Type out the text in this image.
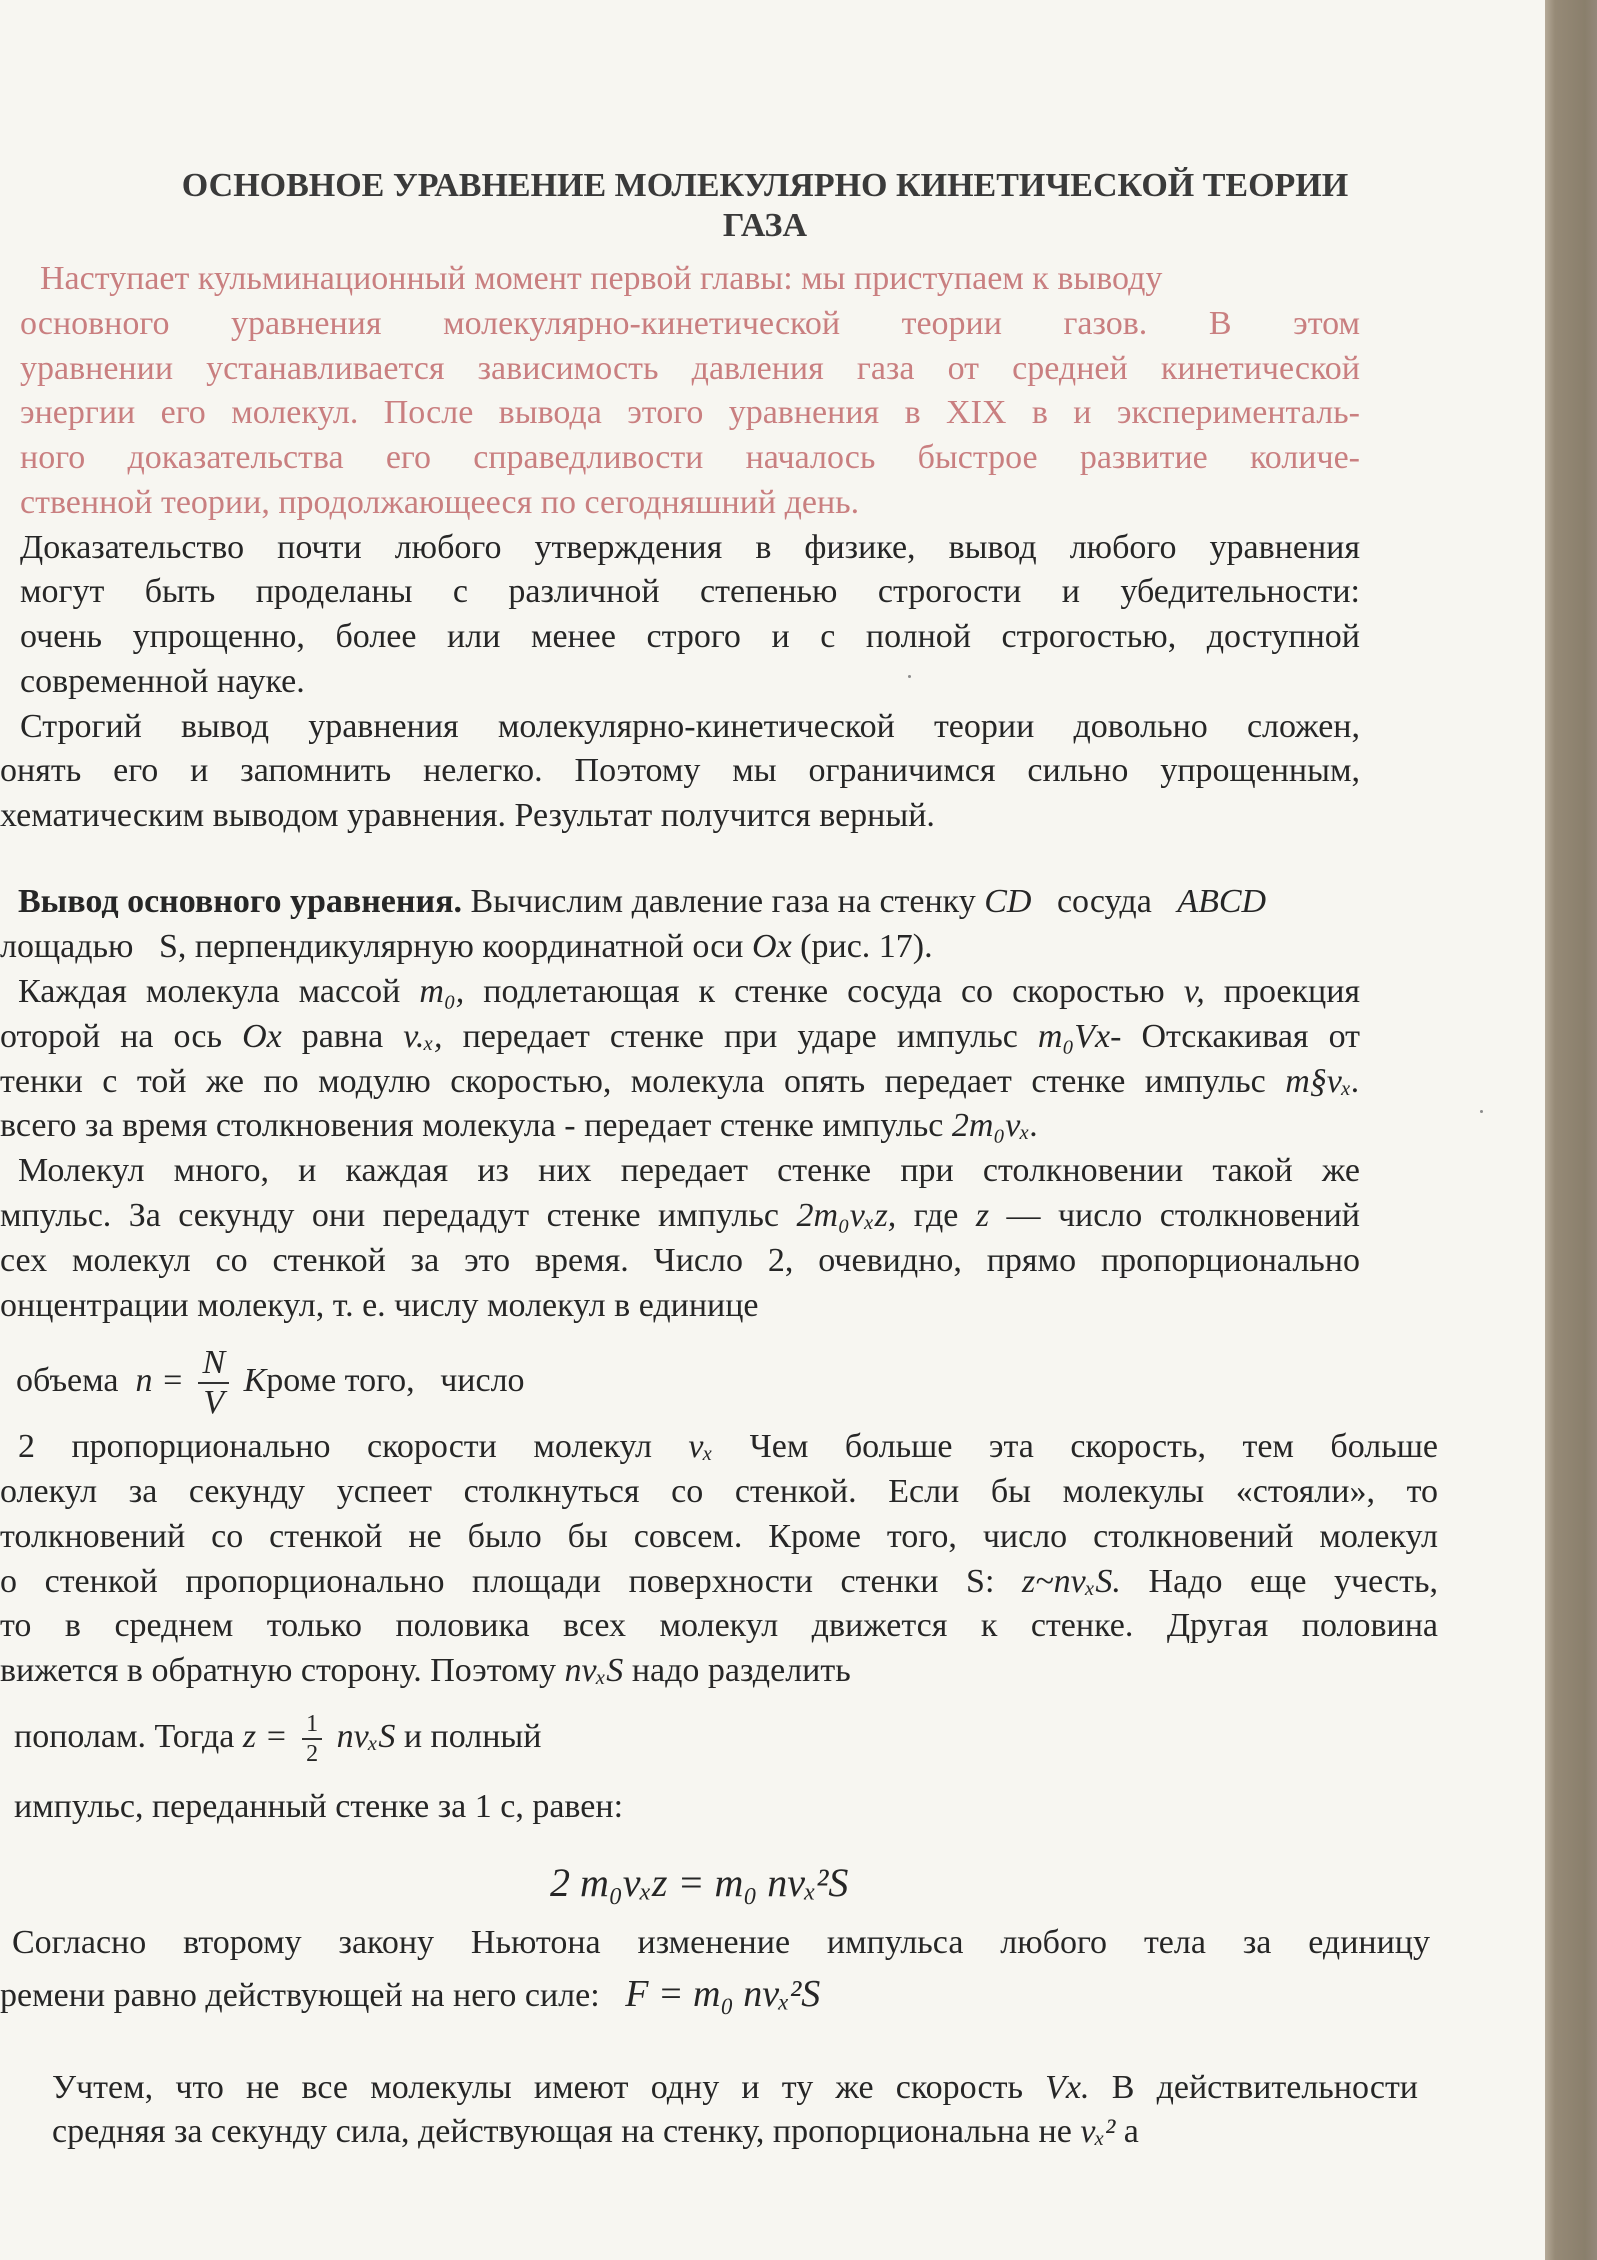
ОСНОВНОЕ УРАВНЕНИЕ МОЛЕКУЛЯРНО КИНЕТИЧЕСКОЙ ТЕОРИИ
ГАЗА

Наступает кульминационный момент первой главы: мы приступаем к выводу

основного уравнения молекулярно-кинетической теории газов. В этом

уравнении устанавливается зависимость давления газа от средней кинетической

энергии его молекул. После вывода этого уравнения в XIX в и эксперименталь-

ного доказательства его справедливости началось быстрое развитие количе-

ственной теории, продолжающееся по сегодняшний день.

Доказательство почти любого утверждения в физике, вывод любого уравнения

могут быть проделаны с различной степенью строгости и убедительности:

очень упрощенно, более или менее строго и с полной строгостью, доступной

современной науке.

Строгий вывод уравнения молекулярно-кинетической теории довольно сложен,

онять его и запомнить нелегко. Поэтому мы ограничимся сильно упрощенным,

хематическим выводом уравнения. Результат получится верный.

Вывод основного уравнения. Вычислим давление газа на стенку CD сосуда ABCD

лощадью S, перпендикулярную координатной оси Ox (рис. 17).

Каждая молекула массой m₀, подлетающая к стенке сосуда со скоростью v, проекция

оторой на ось Ox равна v.ₓ, передает стенке при ударе импульс m₀Vx- Отскакивая от

тенки с той же по модулю скоростью, молекула опять передает стенке импульс m§vₓ.

всего за время столкновения молекула - передает стенке импульс 2m₀vₓ.

Молекул много, и каждая из них передает стенке при столкновении такой же

мпульс. За секунду они передадут стенке импульс 2m₀vₓz, где z — число столкновений

сех молекул со стенкой за это время. Число 2, очевидно, прямо пропорционально

онцентрации молекул, т. е. числу молекул в единице

объема $n = \frac{N}{V}$ Кроме того, число

2 пропорционально скорости молекул vₓ Чем больше эта скорость, тем больше

олекул за секунду успеет столкнуться со стенкой. Если бы молекулы «стояли», то

толкновений со стенкой не было бы совсем. Кроме того, число столкновений молекул

о стенкой пропорционально площади поверхности стенки S: z~nvₓS. Надо еще учесть,

то в среднем только половика всех молекул движется к стенке. Другая половина

вижется в обратную сторону. Поэтому nvₓS надо разделить

пополам. Тогда $z = \frac{1}{2}$ nvₓS и полный

импульс, переданный стенке за 1 с, равен:

2 m₀vₓz = m₀ nvₓ²S

Согласно второму закону Ньютона изменение импульса любого тела за единицу

ремени равно действующей на него силе: F = m₀ nvₓ²S

Учтем, что не все молекулы имеют одну и ту же скорость Vx. В действительности

средняя за секунду сила, действующая на стенку, пропорциональна не vₓ² а
